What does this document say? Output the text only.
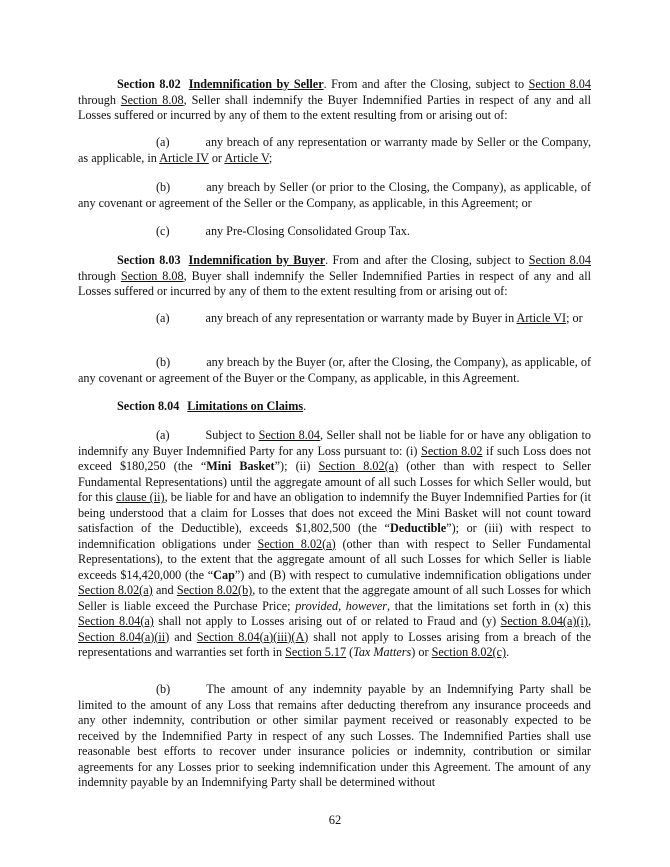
Section 8.02 Indemnification by Seller. From and after the Closing, subject to Section 8.04 through Section 8.08, Seller shall indemnify the Buyer Indemnified Parties in respect of any and all Losses suffered or incurred by any of them to the extent resulting from or arising out of:

(a)	any breach of any representation or warranty made by Seller or the Company, as applicable, in Article IV or Article V;

(b)	any breach by Seller (or prior to the Closing, the Company), as applicable, of any covenant or agreement of the Seller or the Company, as applicable, in this Agreement; or

(c)	any Pre-Closing Consolidated Group Tax.

Section 8.03 Indemnification by Buyer. From and after the Closing, subject to Section 8.04 through Section 8.08, Buyer shall indemnify the Seller Indemnified Parties in respect of any and all Losses suffered or incurred by any of them to the extent resulting from or arising out of:

(a)	any breach of any representation or warranty made by Buyer in Article VI; or

(b)	any breach by the Buyer (or, after the Closing, the Company), as applicable, of any covenant or agreement of the Buyer or the Company, as applicable, in this Agreement.

Section 8.04 Limitations on Claims.

(a)	Subject to Section 8.04, Seller shall not be liable for or have any obligation to indemnify any Buyer Indemnified Party for any Loss pursuant to: (i) Section 8.02 if such Loss does not exceed $180,250 (the “Mini Basket”); (ii) Section 8.02(a) (other than with respect to Seller Fundamental Representations) until the aggregate amount of all such Losses for which Seller would, but for this clause (ii), be liable for and have an obligation to indemnify the Buyer Indemnified Parties for (it being understood that a claim for Losses that does not exceed the Mini Basket will not count toward satisfaction of the Deductible), exceeds $1,802,500 (the “Deductible”); or (iii) with respect to indemnification obligations under Section 8.02(a) (other than with respect to Seller Fundamental Representations), to the extent that the aggregate amount of all such Losses for which Seller is liable exceeds $14,420,000 (the “Cap”) and (B) with respect to cumulative indemnification obligations under Section 8.02(a) and Section 8.02(b), to the extent that the aggregate amount of all such Losses for which Seller is liable exceed the Purchase Price; provided, however, that the limitations set forth in (x) this Section 8.04(a) shall not apply to Losses arising out of or related to Fraud and (y) Section 8.04(a)(i), Section 8.04(a)(ii) and Section 8.04(a)(iii)(A) shall not apply to Losses arising from a breach of the representations and warranties set forth in Section 5.17 (Tax Matters) or Section 8.02(c).

(b)	The amount of any indemnity payable by an Indemnifying Party shall be limited to the amount of any Loss that remains after deducting therefrom any insurance proceeds and any other indemnity, contribution or other similar payment received or reasonably expected to be received by the Indemnified Party in respect of any such Losses. The Indemnified Parties shall use reasonable best efforts to recover under insurance policies or indemnity, contribution or similar agreements for any Losses prior to seeking indemnification under this Agreement. The amount of any indemnity payable by an Indemnifying Party shall be determined without

62
